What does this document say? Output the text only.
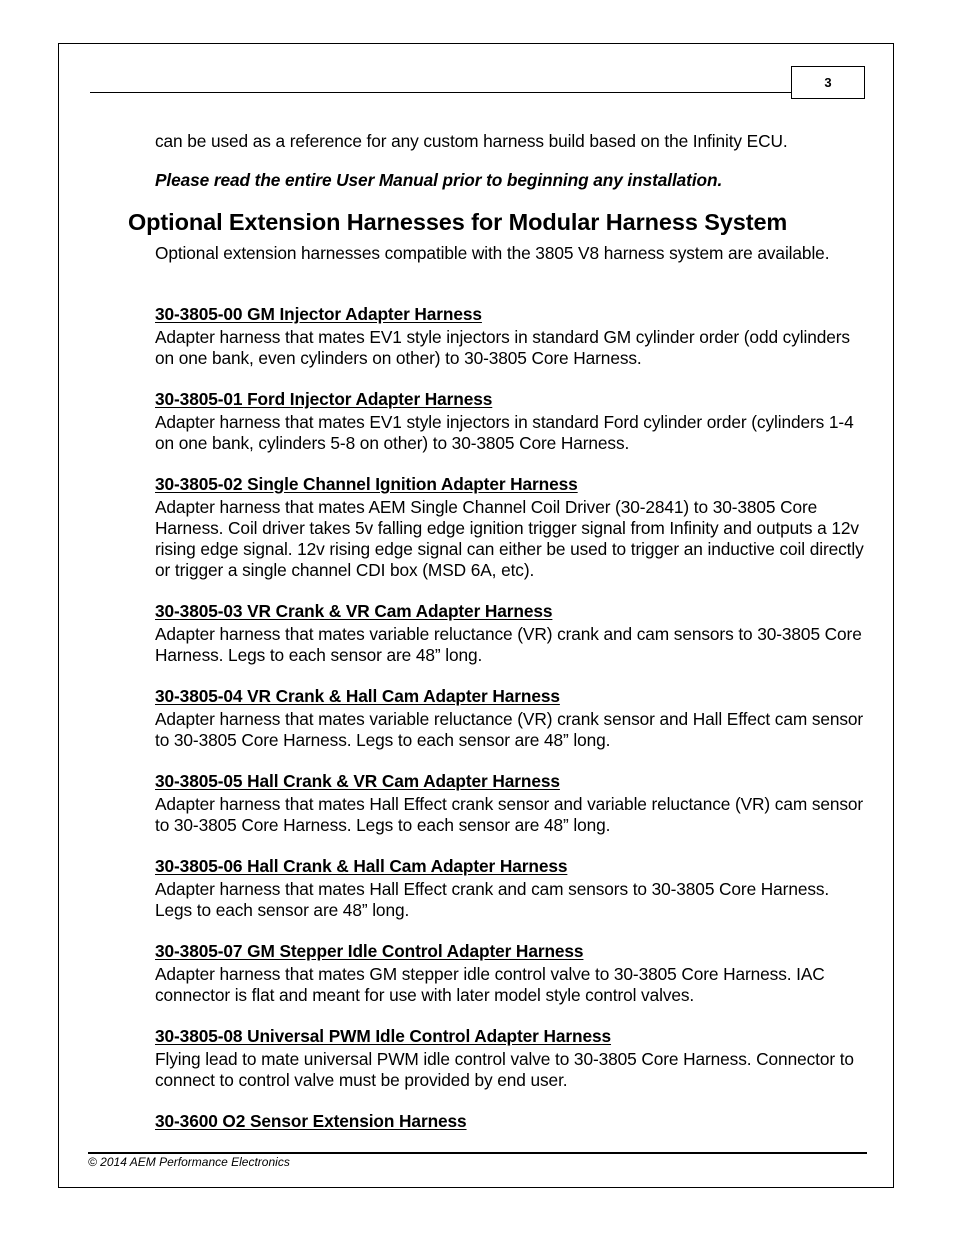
3

can be used as a reference for any custom harness build based on the Infinity ECU.

Please read the entire User Manual prior to beginning any installation.

Optional Extension Harnesses for Modular Harness System

Optional extension harnesses compatible with the 3805 V8 harness system are available.

30-3805-00 GM Injector Adapter Harness

Adapter harness that mates EV1 style injectors in standard GM cylinder order (odd cylinders on one bank, even cylinders on other) to 30-3805 Core Harness.

30-3805-01 Ford Injector Adapter Harness

Adapter harness that mates EV1 style injectors in standard Ford cylinder order (cylinders 1-4 on one bank, cylinders 5-8 on other) to 30-3805 Core Harness.

30-3805-02 Single Channel Ignition Adapter Harness

Adapter harness that mates AEM Single Channel Coil Driver (30-2841) to 30-3805 Core Harness. Coil driver takes 5v falling edge ignition trigger signal from Infinity and outputs a 12v rising edge signal. 12v rising edge signal can either be used to trigger an inductive coil directly or trigger a single channel CDI box (MSD 6A, etc).

30-3805-03 VR Crank & VR Cam Adapter Harness

Adapter harness that mates variable reluctance (VR) crank and cam sensors to 30-3805 Core Harness. Legs to each sensor are 48” long.

30-3805-04 VR Crank & Hall Cam Adapter Harness

Adapter harness that mates variable reluctance (VR) crank sensor and Hall Effect cam sensor to 30-3805 Core Harness. Legs to each sensor are 48” long.

30-3805-05 Hall Crank & VR Cam Adapter Harness

Adapter harness that mates Hall Effect crank sensor and variable reluctance (VR) cam sensor to 30-3805 Core Harness. Legs to each sensor are 48” long.

30-3805-06 Hall Crank & Hall Cam Adapter Harness

Adapter harness that mates Hall Effect crank and cam sensors to 30-3805 Core Harness. Legs to each sensor are 48” long.

30-3805-07 GM Stepper Idle Control Adapter Harness

Adapter harness that mates GM stepper idle control valve to 30-3805 Core Harness. IAC connector is flat and meant for use with later model style control valves.

30-3805-08 Universal PWM Idle Control Adapter Harness

Flying lead to mate universal PWM idle control valve to 30-3805 Core Harness. Connector to connect to control valve must be provided by end user.

30-3600 O2 Sensor Extension Harness

© 2014 AEM Performance Electronics
